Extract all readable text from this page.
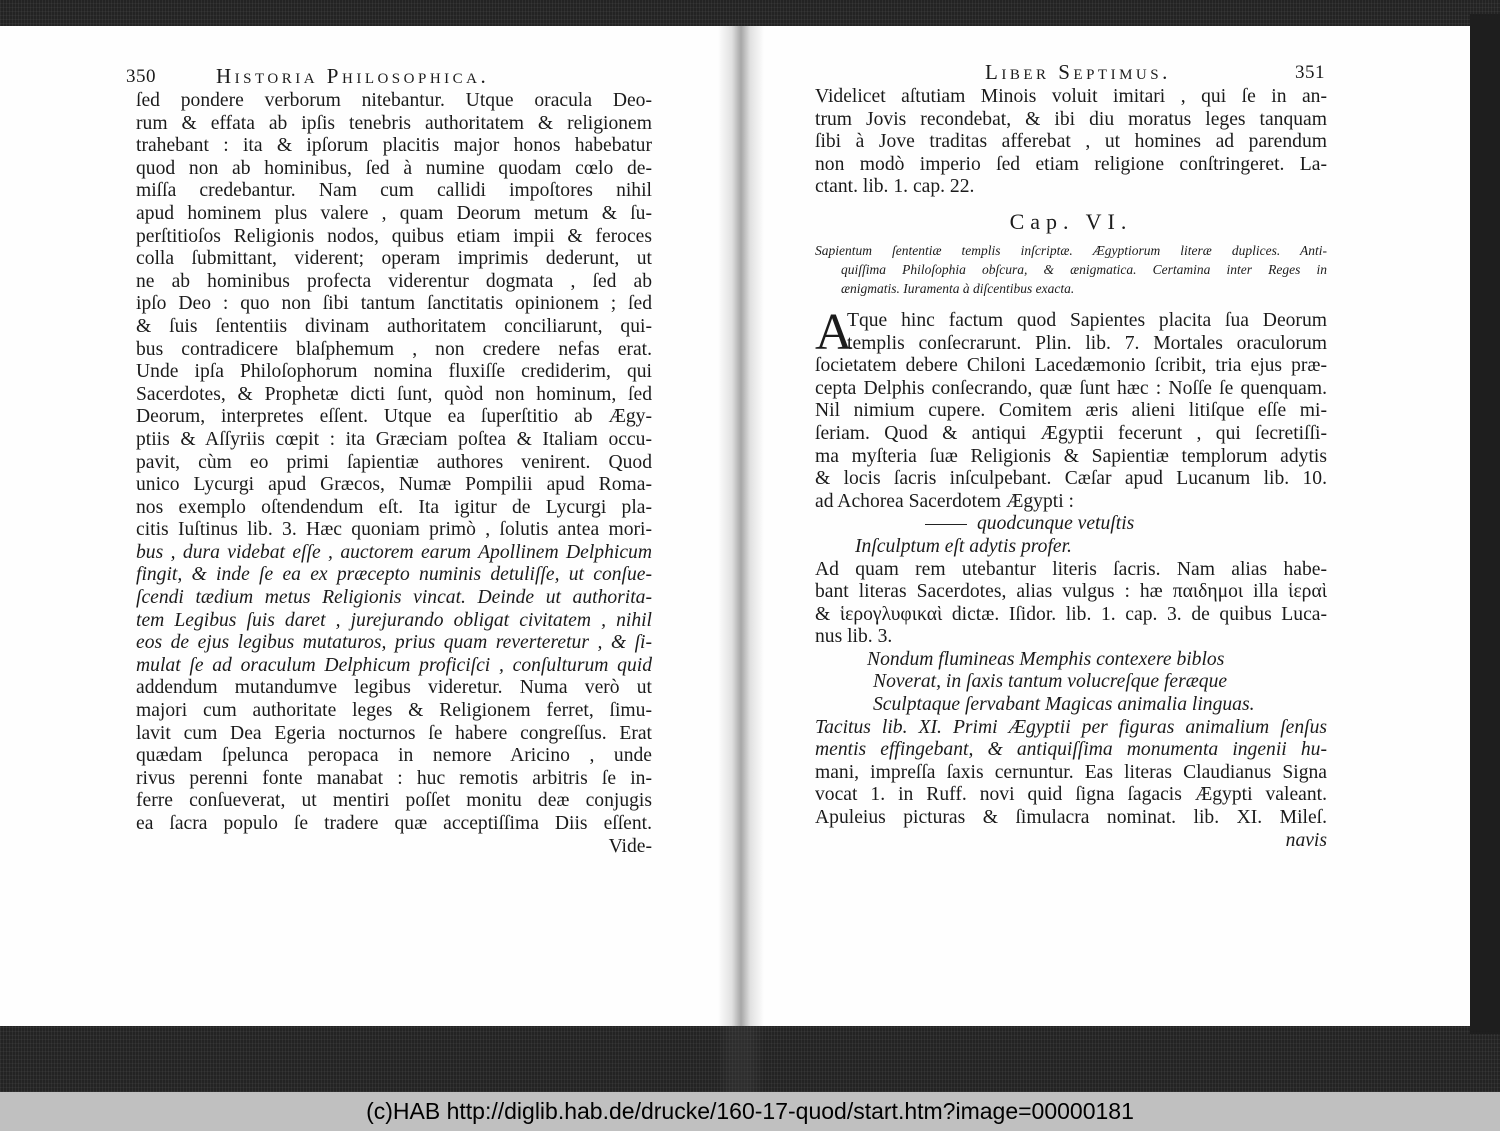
350	Historia Philosophica.
ſed pondere verborum nitebantur. Utque oracula Deo-
rum & effata ab ipſis tenebris authoritatem & religionem
trahebant : ita & ipſorum placitis major honos habebatur
quod non ab hominibus, ſed à numine quodam cœlo de-
miſſa credebantur. Nam cum callidi impoſtores nihil
apud hominem plus valere , quam Deorum metum & ſu-
perſtitioſos Religionis nodos, quibus etiam impii & feroces
colla ſubmittant, viderent; operam imprimis dederunt, ut
ne ab hominibus profecta viderentur dogmata , ſed ab
ipſo Deo : quo non ſibi tantum ſanctitatis opinionem ; ſed
& ſuis ſententiis divinam authoritatem conciliarunt, qui-
bus contradicere blaſphemum , non credere nefas erat.
Unde ipſa Philoſophorum nomina fluxiſſe crediderim, qui
Sacerdotes, & Prophetæ dicti ſunt, quòd non hominum, ſed
Deorum, interpretes eſſent. Utque ea ſuperſtitio ab Ægy-
ptiis & Aſſyriis cœpit : ita Græciam poſtea & Italiam occu-
pavit, cùm eo primi ſapientiæ authores venirent. Quod
unico Lycurgi apud Græcos, Numæ Pompilii apud Roma-
nos exemplo oſtendendum eſt. Ita igitur de Lycurgi pla-
citis Iuſtinus lib. 3. Hæc quoniam primò , ſolutis antea mori-
bus , dura videbat eſſe , auctorem earum Apollinem Delphicum
fingit, & inde ſe ea ex præcepto numinis detuliſſe, ut conſue-
ſcendi tædium metus Religionis vincat. Deinde ut authorita-
tem Legibus ſuis daret , jurejurando obligat civitatem , nihil
eos de ejus legibus mutaturos, prius quam reverteretur , & ſi-
mulat ſe ad oraculum Delphicum proficiſci , conſulturum quid
addendum mutandumve legibus videretur. Numa verò ut
majori cum authoritate leges & Religionem ferret, ſimu-
lavit cum Dea Egeria nocturnos ſe habere congreſſus. Erat
quædam ſpelunca peropaca in nemore Aricino , unde
rivus perenni fonte manabat : huc remotis arbitris ſe in-
ferre conſueverat, ut mentiri poſſet monitu deæ conjugis
ea ſacra populo ſe tradere quæ acceptiſſima Diis eſſent.
Vide-
Liber Septimus.	351
Videlicet aſtutiam Minois voluit imitari , qui ſe in an-
trum Jovis recondebat, & ibi diu moratus leges tanquam
ſibi à Jove traditas afferebat , ut homines ad parendum
non modò imperio ſed etiam religione conſtringeret. La-
ctant. lib. 1. cap. 22.
Cap. VI.
Sapientum ſententiæ templis inſcriptæ. Ægyptiorum literæ duplices. Anti-
quiſſima Philoſophia obſcura, & ænigmatica. Certamina inter Reges in
ænigmatis. Iuramenta à diſcentibus exacta.
A
Tque hinc factum quod Sapientes placita ſua Deorum
templis conſecrarunt. Plin. lib. 7. Mortales oraculorum
ſocietatem debere Chiloni Lacedæmonio ſcribit, tria ejus præ-
cepta Delphis conſecrando, quæ ſunt hæc : Noſſe ſe quenquam.
Nil nimium cupere. Comitem æris alieni litiſque eſſe mi-
ſeriam. Quod & antiqui Ægyptii fecerunt , qui ſecretiſſi-
ma myſteria ſuæ Religionis & Sapientiæ templorum adytis
& locis ſacris inſculpebant. Cæſar apud Lucanum lib. 10.
ad Achorea Sacerdotem Ægypti :
quodcunque vetuſtis
Inſculptum eſt adytis profer.
Ad quam rem utebantur literis ſacris. Nam alias habe-
bant literas Sacerdotes, alias vulgus : hæ παιδημοι illa ἱεραὶ
& ἱερογλυφικαὶ dictæ. Iſidor. lib. 1. cap. 3. de quibus Luca-
nus lib. 3.
Nondum flumineas Memphis contexere biblos
Noverat, in ſaxis tantum volucreſque feræque
Sculptaque ſervabant Magicas animalia linguas.
Tacitus lib. XI. Primi Ægyptii per figuras animalium ſenſus
mentis effingebant, & antiquiſſima monumenta ingenii hu-
mani, impreſſa ſaxis cernuntur. Eas literas Claudianus Signa
vocat 1. in Ruff. novi quid ſigna ſagacis Ægypti valeant.
Apuleius picturas & ſimulacra nominat. lib. XI. Mileſ.
navis
(c)HAB http://diglib.hab.de/drucke/160-17-quod/start.htm?image=00000181
